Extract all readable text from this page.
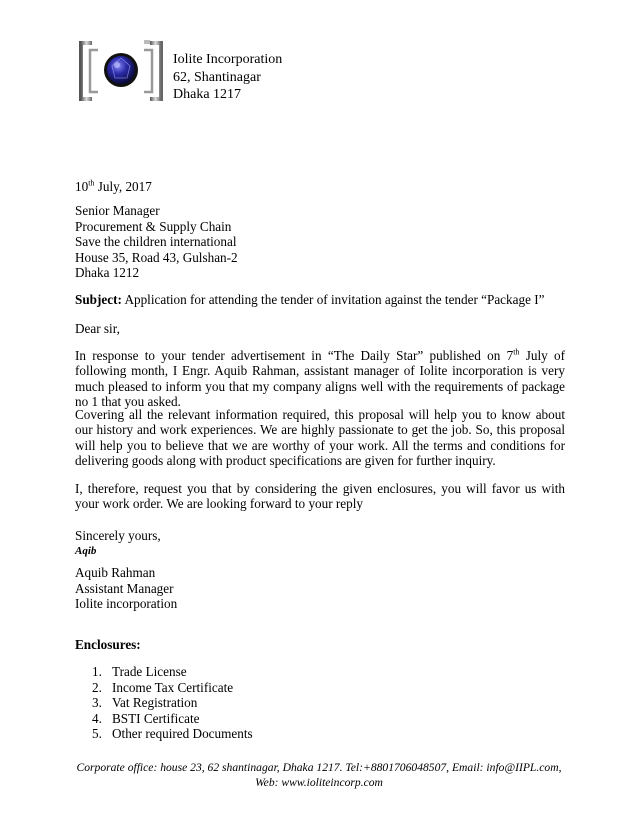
Iolite Incorporation
62, Shantinagar
Dhaka 1217
10th July, 2017
Senior Manager
Procurement & Supply Chain
Save the children international
House 35, Road 43, Gulshan-2
Dhaka 1212
Subject: Application for attending the tender of invitation against the tender “Package I”
Dear sir,
In response to your tender advertisement in “The Daily Star” published on 7th July of following month, I Engr. Aquib Rahman, assistant manager of Iolite incorporation is very much pleased to inform you that my company aligns well with the requirements of package no 1 that you asked.
Covering all the relevant information required, this proposal will help you to know about our history and work experiences. We are highly passionate to get the job. So, this proposal will help you to believe that we are worthy of your work. All the terms and conditions for delivering goods along with product specifications are given for further inquiry.
I, therefore, request you that by considering the given enclosures, you will favor us with your work order. We are looking forward to your reply
Sincerely yours,
Aqib
Aquib Rahman
Assistant Manager
Iolite incorporation
Enclosures:
1. Trade License
2. Income Tax Certificate
3. Vat Registration
4. BSTI Certificate
5. Other required Documents
Corporate office: house 23, 62 shantinagar, Dhaka 1217. Tel:+8801706048507, Email: info@IIPL.com,
Web: www.ioliteincorp.com
